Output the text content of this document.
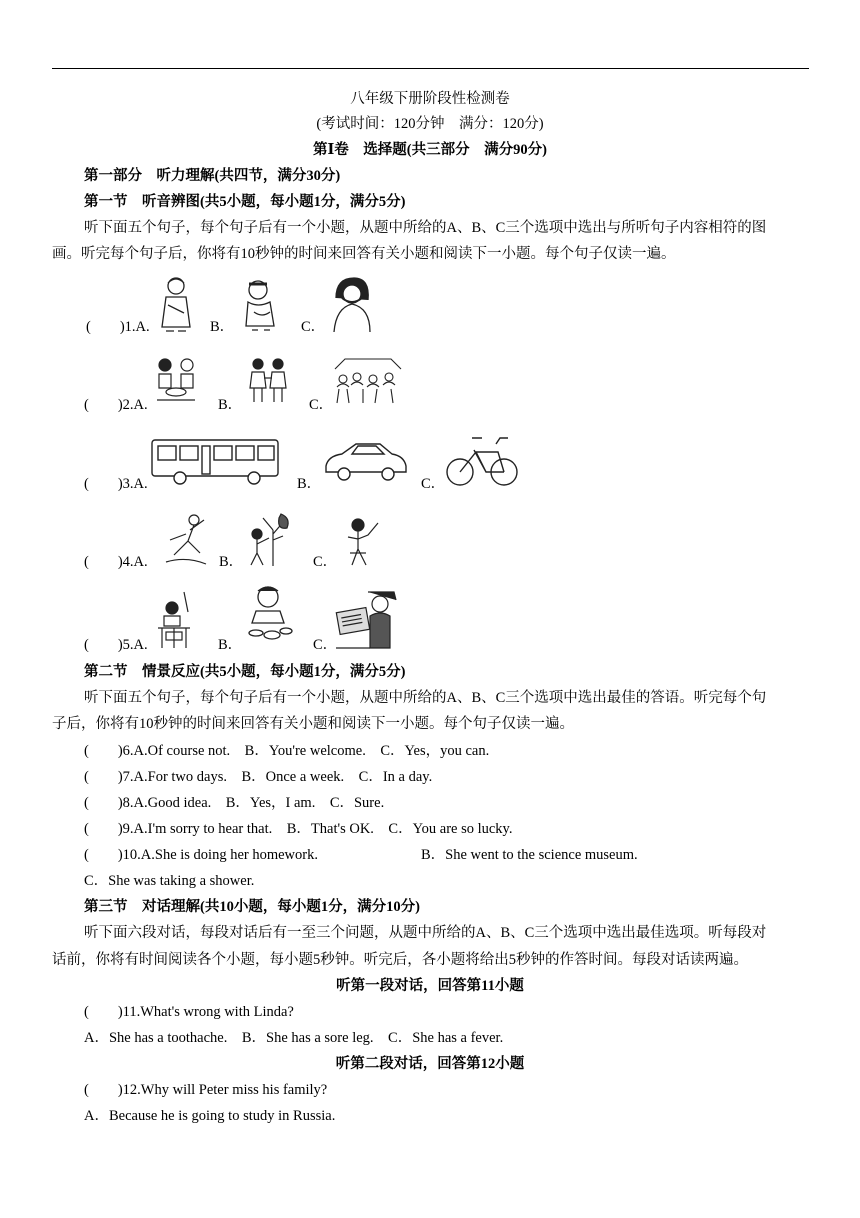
八年级下册阶段性检测卷
(考试时间：120分钟　满分：120分)
第Ⅰ卷　选择题(共三部分　满分90分)
第一部分　听力理解(共四节，满分30分)
第一节　听音辨图(共5小题，每小题1分，满分5分)
听下面五个句子，每个句子后有一个小题，从题中所给的A、B、C三个选项中选出与所听句子内容相符的图
画。听完每个句子后，你将有10秒钟的时间来回答有关小题和阅读下一小题。每个句子仅读一遍。
(　　)1.A.	B．	C．
(　　)2.A.	B．	C．
(　　)3.A.	B．	C．
(　　)4.A.	B．	C．
(　　)5.A.	B．	C．
第二节　情景反应(共5小题，每小题1分，满分5分)
听下面五个句子，每个句子后有一个小题，从题中所给的A、B、C三个选项中选出最佳的答语。听完每个句
子后，你将有10秒钟的时间来回答有关小题和阅读下一小题。每个句子仅读一遍。
(　　)6.A.Of course not.　B．You're welcome.　C．Yes，you can.
(　　)7.A.For two days.　B．Once a week.　C．In a day.
(　　)8.A.Good idea.　B．Yes，I am.　C．Sure.
(　　)9.A.I'm sorry to hear that.　B．That's OK.　C．You are so lucky.
(　　)10.A.She is doing her homework.	B．She went to the science museum.
C．She was taking a shower.
第三节　对话理解(共10小题，每小题1分，满分10分)
听下面六段对话，每段对话后有一至三个问题，从题中所给的A、B、C三个选项中选出最佳选项。听每段对
话前，你将有时间阅读各个小题，每小题5秒钟。听完后，各小题将给出5秒钟的作答时间。每段对话读两遍。
听第一段对话，回答第11小题
(　　)11.What's wrong with Linda?
A．She has a toothache.　B．She has a sore leg.　C．She has a fever.
听第二段对话，回答第12小题
(　　)12.Why will Peter miss his family?
A．Because he is going to study in Russia.
